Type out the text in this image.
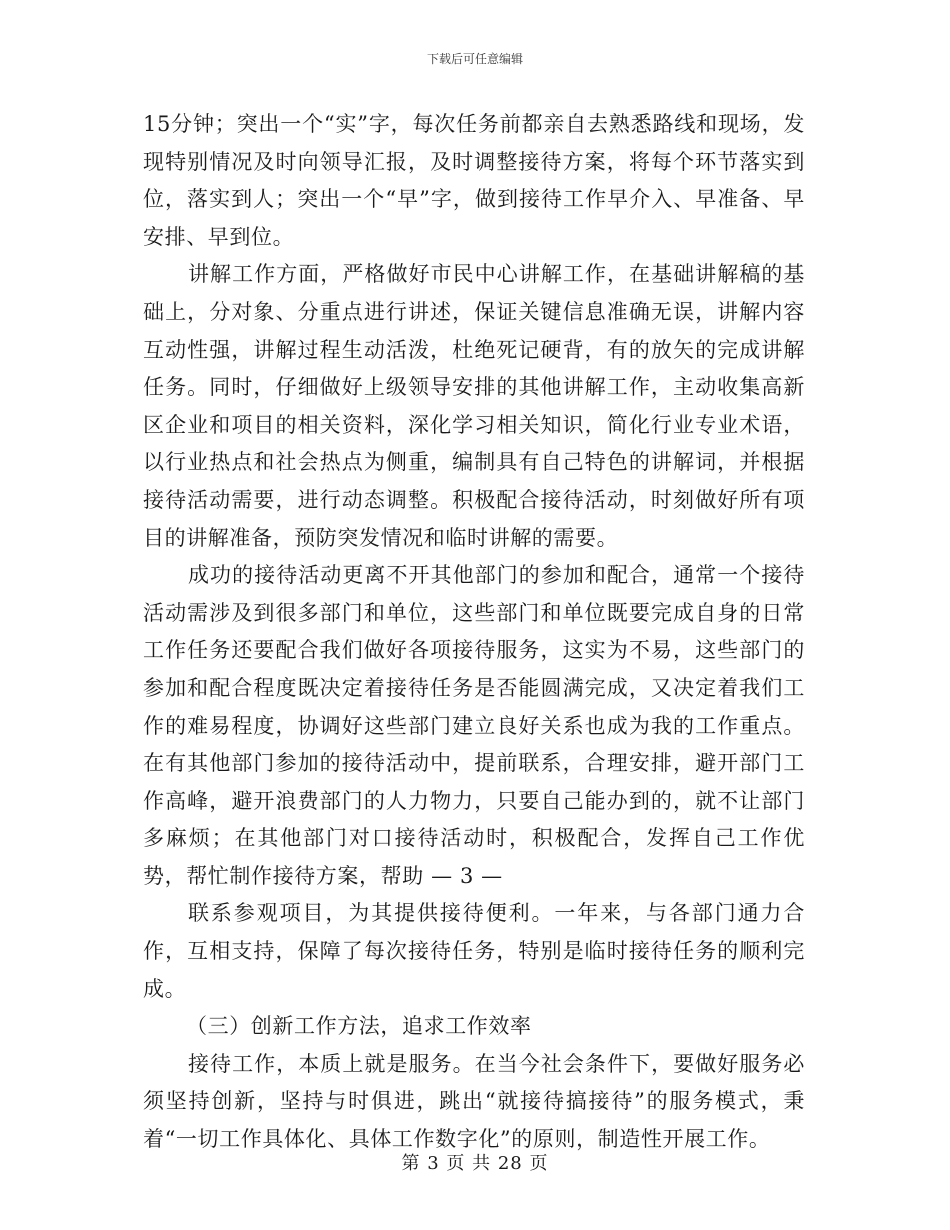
下载后可任意编辑

15分钟；突出一个“实”字，每次任务前都亲自去熟悉路线和现场，发现特别情况及时向领导汇报，及时调整接待方案，将每个环节落实到位，落实到人；突出一个“早”字，做到接待工作早介入、早准备、早安排、早到位。

讲解工作方面，严格做好市民中心讲解工作，在基础讲解稿的基础上，分对象、分重点进行讲述，保证关键信息准确无误，讲解内容互动性强，讲解过程生动活泼，杜绝死记硬背，有的放矢的完成讲解任务。同时，仔细做好上级领导安排的其他讲解工作，主动收集高新区企业和项目的相关资料，深化学习相关知识，简化行业专业术语，以行业热点和社会热点为侧重，编制具有自己特色的讲解词，并根据接待活动需要，进行动态调整。积极配合接待活动，时刻做好所有项目的讲解准备，预防突发情况和临时讲解的需要。

成功的接待活动更离不开其他部门的参加和配合，通常一个接待活动需涉及到很多部门和单位，这些部门和单位既要完成自身的日常工作任务还要配合我们做好各项接待服务，这实为不易，这些部门的参加和配合程度既决定着接待任务是否能圆满完成，又决定着我们工作的难易程度，协调好这些部门建立良好关系也成为我的工作重点。在有其他部门参加的接待活动中，提前联系，合理安排，避开部门工作高峰，避开浪费部门的人力物力，只要自己能办到的，就不让部门多麻烦；在其他部门对口接待活动时，积极配合，发挥自己工作优势，帮忙制作接待方案，帮助 — 3 —

联系参观项目，为其提供接待便利。一年来，与各部门通力合作，互相支持，保障了每次接待任务，特别是临时接待任务的顺利完成。

（三）创新工作方法，追求工作效率

接待工作，本质上就是服务。在当今社会条件下，要做好服务必须坚持创新，坚持与时俱进，跳出“就接待搞接待”的服务模式，秉着“一切工作具体化、具体工作数字化”的原则，制造性开展工作。

第 3 页 共 28 页
